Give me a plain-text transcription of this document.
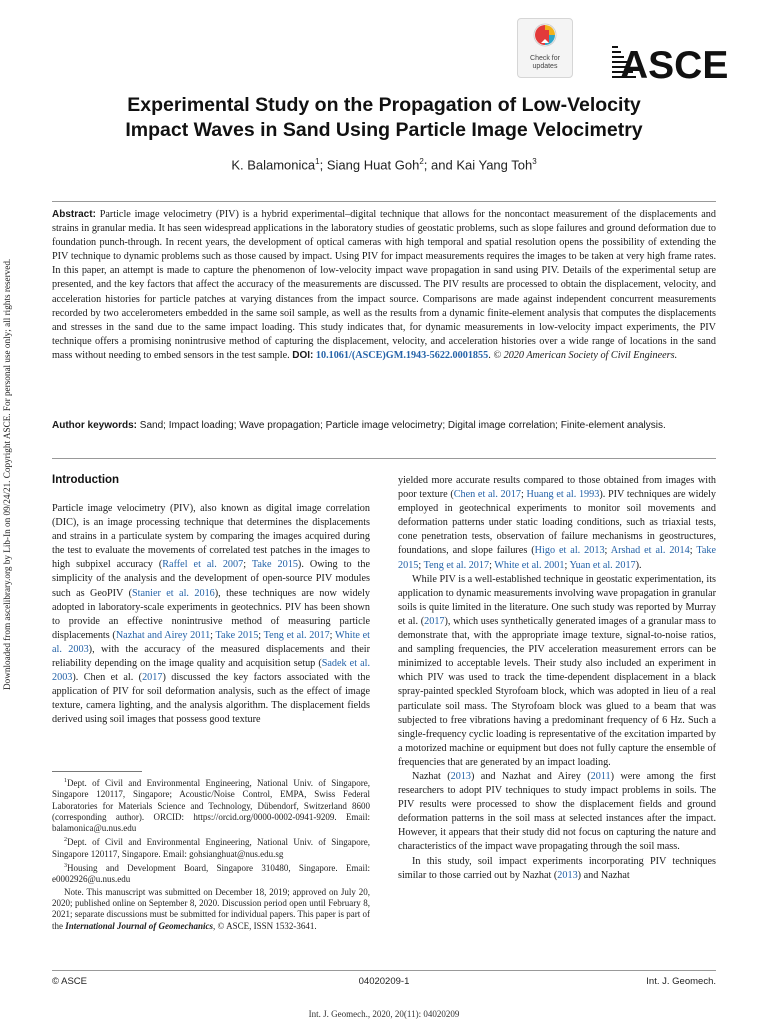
Downloaded from ascelibrary.org by Lib-In on 09/24/21. Copyright ASCE. For personal use only; all rights reserved.
Check for
updates	ASCE
Experimental Study on the Propagation of Low-Velocity
Impact Waves in Sand Using Particle Image Velocimetry
K. Balamonica$^1$; Siang Huat Goh$^2$; and Kai Yang Toh$^3$
Abstract: Particle image velocimetry (PIV) is a hybrid experimental–digital technique that allows for the noncontact measurement of the displacements and strains in granular media. It has seen widespread applications in the laboratory studies of geostatic problems, such as slope failures and ground deformation due to foundation punch-through. In recent years, the development of optical cameras with high temporal and spatial resolution opens the possibility of extending the PIV technique to dynamic problems such as those caused by impact. Using PIV for impact measurements requires the images to be taken at very high frame rates. In this paper, an attempt is made to capture the phenomenon of low-velocity impact wave propagation in sand using PIV. Details of the experimental setup are presented, and the key factors that affect the accuracy of the measurements are discussed. The PIV results are processed to obtain the displacement, velocity, and acceleration histories for particle patches at varying distances from the impact source. Comparisons are made against independent concurrent measurements recorded by two accelerometers embedded in the same soil sample, as well as the results from a dynamic finite-element analysis that computes the displacements and stresses in the sand due to the same impact loading. This study indicates that, for dynamic measurements in low-velocity impact experiments, the PIV technique offers a promising nonintrusive method of capturing the displacement, velocity, and acceleration histories over a wide range of locations in the sand mass without needing to embed sensors in the test sample. DOI: 10.1061/(ASCE)GM.1943-5622.0001855. © 2020 American Society of Civil Engineers.
Author keywords: Sand; Impact loading; Wave propagation; Particle image velocimetry; Digital image correlation; Finite-element analysis.
Introduction

Particle image velocimetry (PIV), also known as digital image correlation (DIC), is an image processing technique that determines the displacements and strains in a particulate system by comparing the images acquired during the test to evaluate the movements of correlated test patches in the images to high subpixel accuracy (Raffel et al. 2007; Take 2015). Owing to the simplicity of the analysis and the development of open-source PIV modules such as GeoPIV (Stanier et al. 2016), these techniques are now widely adopted in laboratory-scale experiments in geotechnics. PIV has been shown to provide an effective nonintrusive method of measuring particle displacements (Nazhat and Airey 2011; Take 2015; Teng et al. 2017; White et al. 2003), with the accuracy of the measured displacements and their reliability depending on the image quality and acquisition setup (Sadek et al. 2003). Chen et al. (2017) discussed the key factors associated with the application of PIV for soil deformation analysis, such as the effect of image texture, camera lighting, and the analysis algorithm. The displacement fields derived using soil images that possess good texture

$^1$Dept. of Civil and Environmental Engineering, National Univ. of Singapore, Singapore 120117, Singapore; Acoustic/Noise Control, EMPA, Swiss Federal Laboratories for Materials Science and Technology, Dübendorf, Switzerland 8600 (corresponding author). ORCID: https://orcid.org/0000-0002-0941-9209. Email: balamonica@u.nus.edu

$^2$Dept. of Civil and Environmental Engineering, National Univ. of Singapore, Singapore 120117, Singapore. Email: gohsianghuat@nus.edu.sg

$^3$Housing and Development Board, Singapore 310480, Singapore. Email: e0002926@u.nus.edu

Note. This manuscript was submitted on December 18, 2019; approved on July 20, 2020; published online on September 8, 2020. Discussion period open until February 8, 2021; separate discussions must be submitted for individual papers. This paper is part of the International Journal of Geomechanics, © ASCE, ISSN 1532-3641.

yielded more accurate results compared to those obtained from images with poor texture (Chen et al. 2017; Huang et al. 1993). PIV techniques are widely employed in geotechnical experiments to monitor soil movements and deformation patterns under static loading conditions, such as triaxial tests, cone penetration tests, observation of failure mechanisms in geostructures, foundations, and slope failures (Higo et al. 2013; Arshad et al. 2014; Take 2015; Teng et al. 2017; White et al. 2001; Yuan et al. 2017).

While PIV is a well-established technique in geostatic experimentation, its application to dynamic measurements involving wave propagation in granular soils is quite limited in the literature. One such study was reported by Murray et al. (2017), which uses synthetically generated images of a granular mass to demonstrate that, with the appropriate image texture, signal-to-noise ratios, and sampling frequencies, the PIV acceleration measurement errors can be minimized to acceptable levels. Their study also included an experiment in which PIV was used to track the time-dependent displacement in a black spray-painted speckled Styrofoam block, which was adopted in lieu of a real particulate soil mass. The Styrofoam block was glued to a beam that was subjected to free vibrations having a predominant frequency of 6 Hz. Such a single-frequency cyclic loading is representative of the excitation imparted by a motorized machine or equipment but does not fully capture the ensemble of frequencies that are generated by an impact loading.

Nazhat (2013) and Nazhat and Airey (2011) were among the first researchers to adopt PIV techniques to study impact problems in soils. The PIV results were processed to show the displacement fields and ground deformation patterns in the soil mass at selected instances after the impact. However, it appears that their study did not focus on capturing the nature and characteristics of the impact wave propagating through the soil mass.

In this study, soil impact experiments incorporating PIV techniques similar to those carried out by Nazhat (2013) and Nazhat

© ASCE	04020209-1	Int. J. Geomech.
Int. J. Geomech., 2020, 20(11): 04020209
